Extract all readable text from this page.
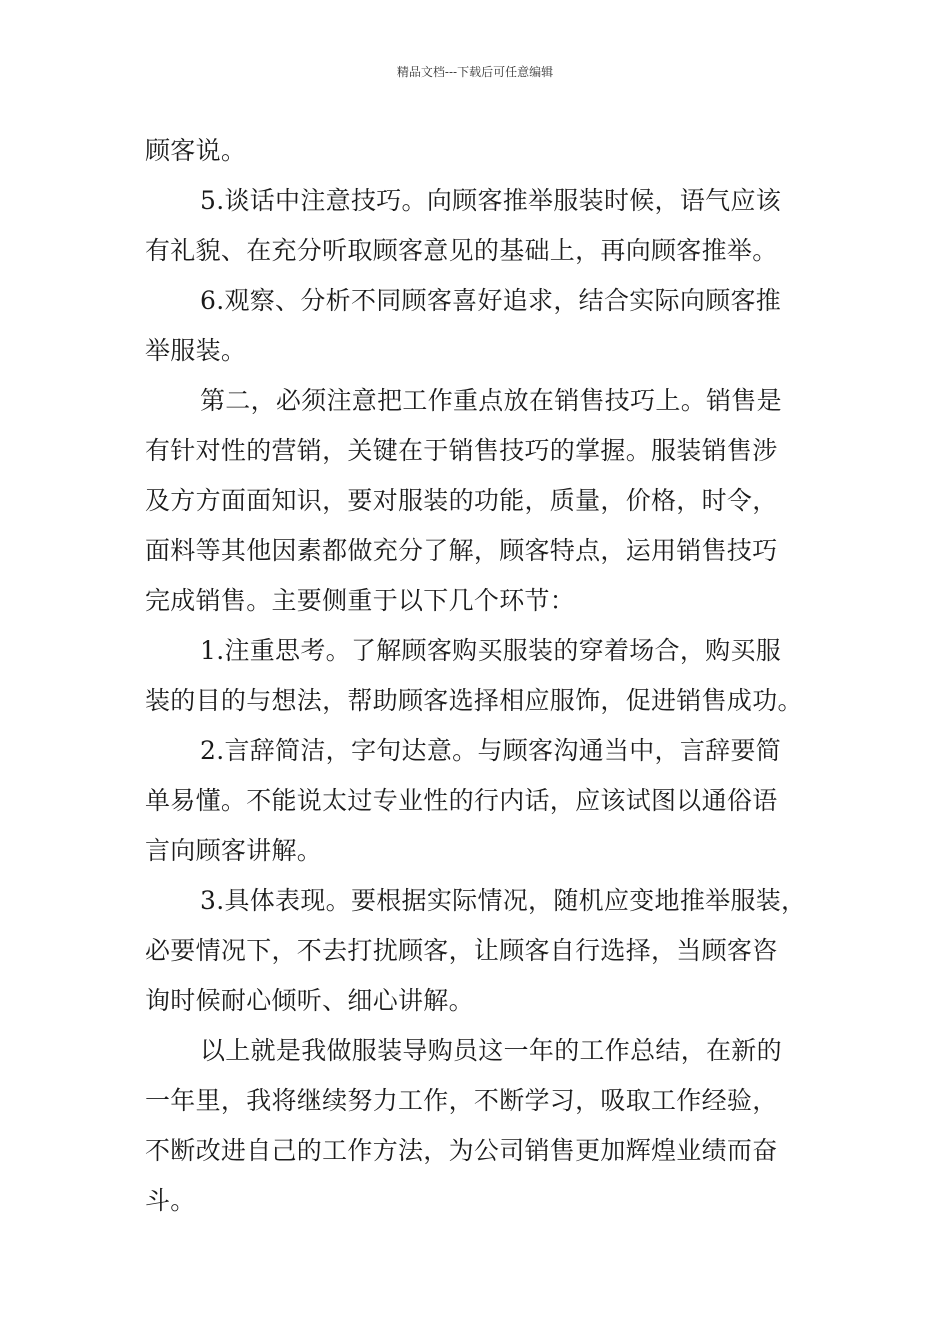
精品文档---下载后可任意编辑
顾客说。
5.谈话中注意技巧。向顾客推举服装时候，语气应该
有礼貌、在充分听取顾客意见的基础上，再向顾客推举。
6.观察、分析不同顾客喜好追求，结合实际向顾客推
举服装。
第二，必须注意把工作重点放在销售技巧上。销售是
有针对性的营销，关键在于销售技巧的掌握。服装销售涉
及方方面面知识，要对服装的功能，质量，价格，时令，
面料等其他因素都做充分了解，顾客特点，运用销售技巧
完成销售。主要侧重于以下几个环节：
1.注重思考。了解顾客购买服装的穿着场合，购买服
装的目的与想法，帮助顾客选择相应服饰，促进销售成功。
2.言辞简洁，字句达意。与顾客沟通当中，言辞要简
单易懂。不能说太过专业性的行内话，应该试图以通俗语
言向顾客讲解。
3.具体表现。要根据实际情况，随机应变地推举服装，
必要情况下，不去打扰顾客，让顾客自行选择，当顾客咨
询时候耐心倾听、细心讲解。
以上就是我做服装导购员这一年的工作总结，在新的
一年里，我将继续努力工作，不断学习，吸取工作经验，
不断改进自己的工作方法，为公司销售更加辉煌业绩而奋
斗。
